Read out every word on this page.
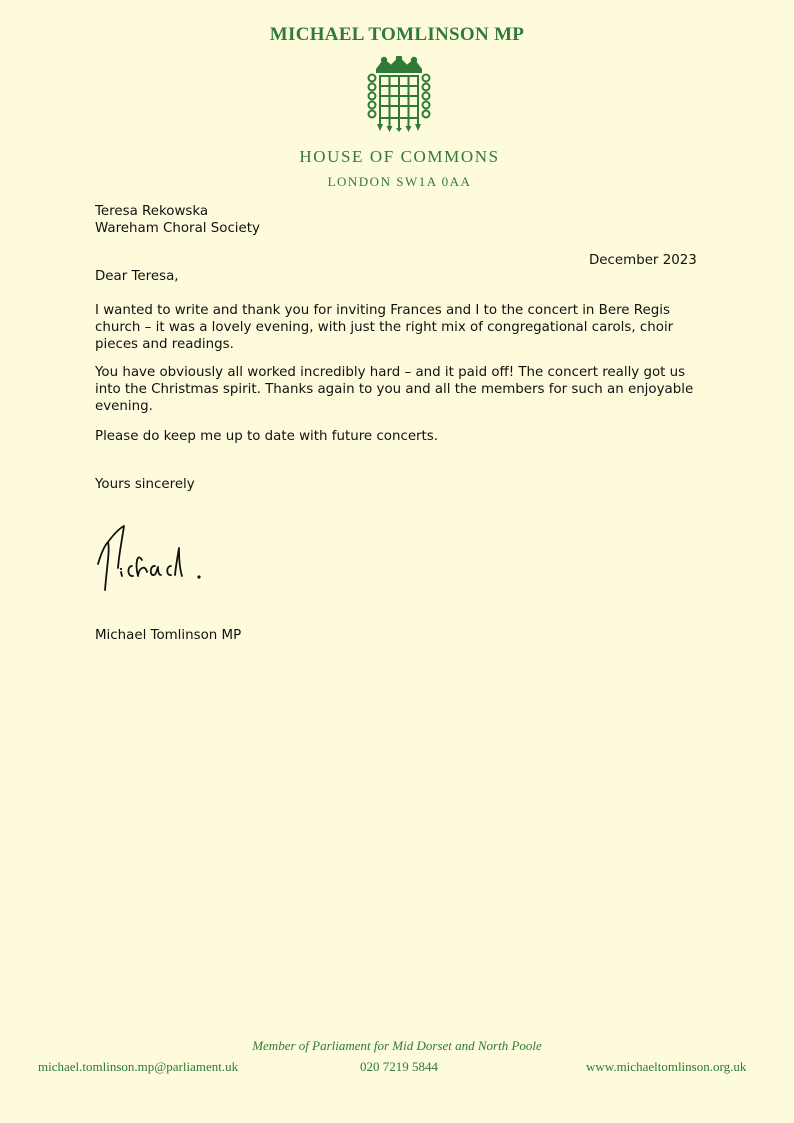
MICHAEL TOMLINSON MP
HOUSE OF COMMONS
LONDON SW1A 0AA
Teresa Rekowska
Wareham Choral Society
December 2023
Dear Teresa,
I wanted to write and thank you for inviting Frances and I to the concert in Bere Regis church – it was a lovely evening, with just the right mix of congregational carols, choir pieces and readings.
You have obviously all worked incredibly hard – and it paid off! The concert really got us into the Christmas spirit. Thanks again to you and all the members for such an enjoyable evening.
Please do keep me up to date with future concerts.
Yours sincerely
Michael Tomlinson MP
Member of Parliament for Mid Dorset and North Poole
michael.tomlinson.mp@parliament.uk	020 7219 5844	www.michaeltomlinson.org.uk
